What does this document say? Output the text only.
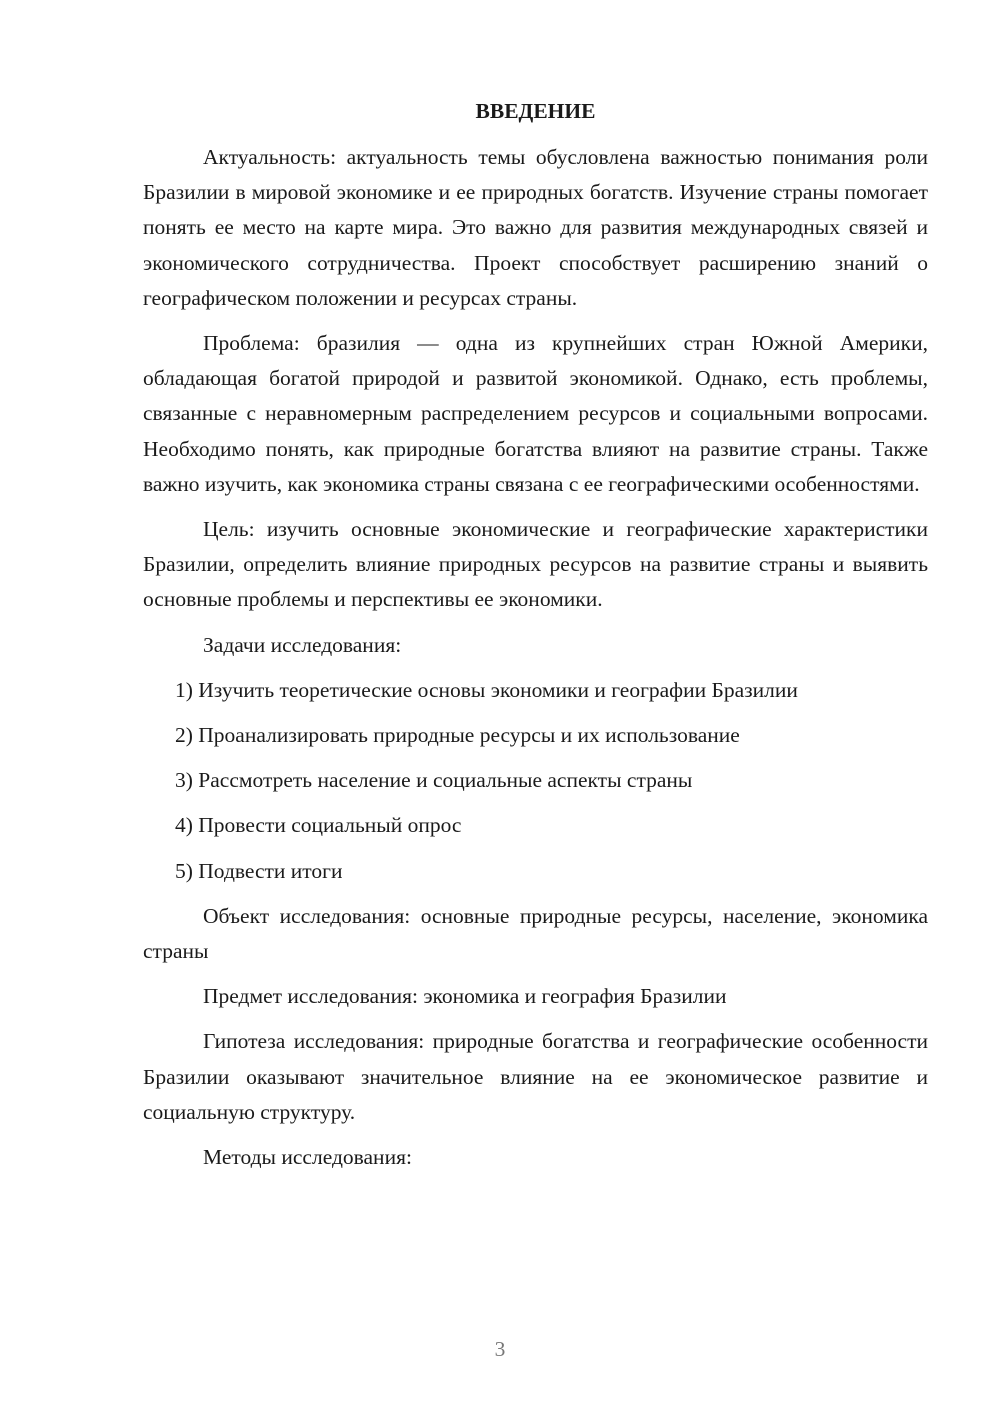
ВВЕДЕНИЕ

Актуальность: актуальность темы обусловлена важностью понимания роли Бразилии в мировой экономике и ее природных богатств. Изучение страны помогает понять ее место на карте мира. Это важно для развития международных связей и экономического сотрудничества. Проект способствует расширению знаний о географическом положении и ресурсах страны.

Проблема: бразилия — одна из крупнейших стран Южной Америки, обладающая богатой природой и развитой экономикой. Однако, есть проблемы, связанные с неравномерным распределением ресурсов и социальными вопросами. Необходимо понять, как природные богатства влияют на развитие страны. Также важно изучить, как экономика страны связана с ее географическими особенностями.

Цель: изучить основные экономические и географические характеристики Бразилии, определить влияние природных ресурсов на развитие страны и выявить основные проблемы и перспективы ее экономики.

Задачи исследования:

1) Изучить теоретические основы экономики и географии Бразилии
2) Проанализировать природные ресурсы и их использование
3) Рассмотреть население и социальные аспекты страны
4) Провести социальный опрос
5) Подвести итоги

Объект исследования: основные природные ресурсы, население, экономика страны

Предмет исследования: экономика и география Бразилии

Гипотеза исследования: природные богатства и географические особенности Бразилии оказывают значительное влияние на ее экономическое развитие и социальную структуру.

Методы исследования:

3
